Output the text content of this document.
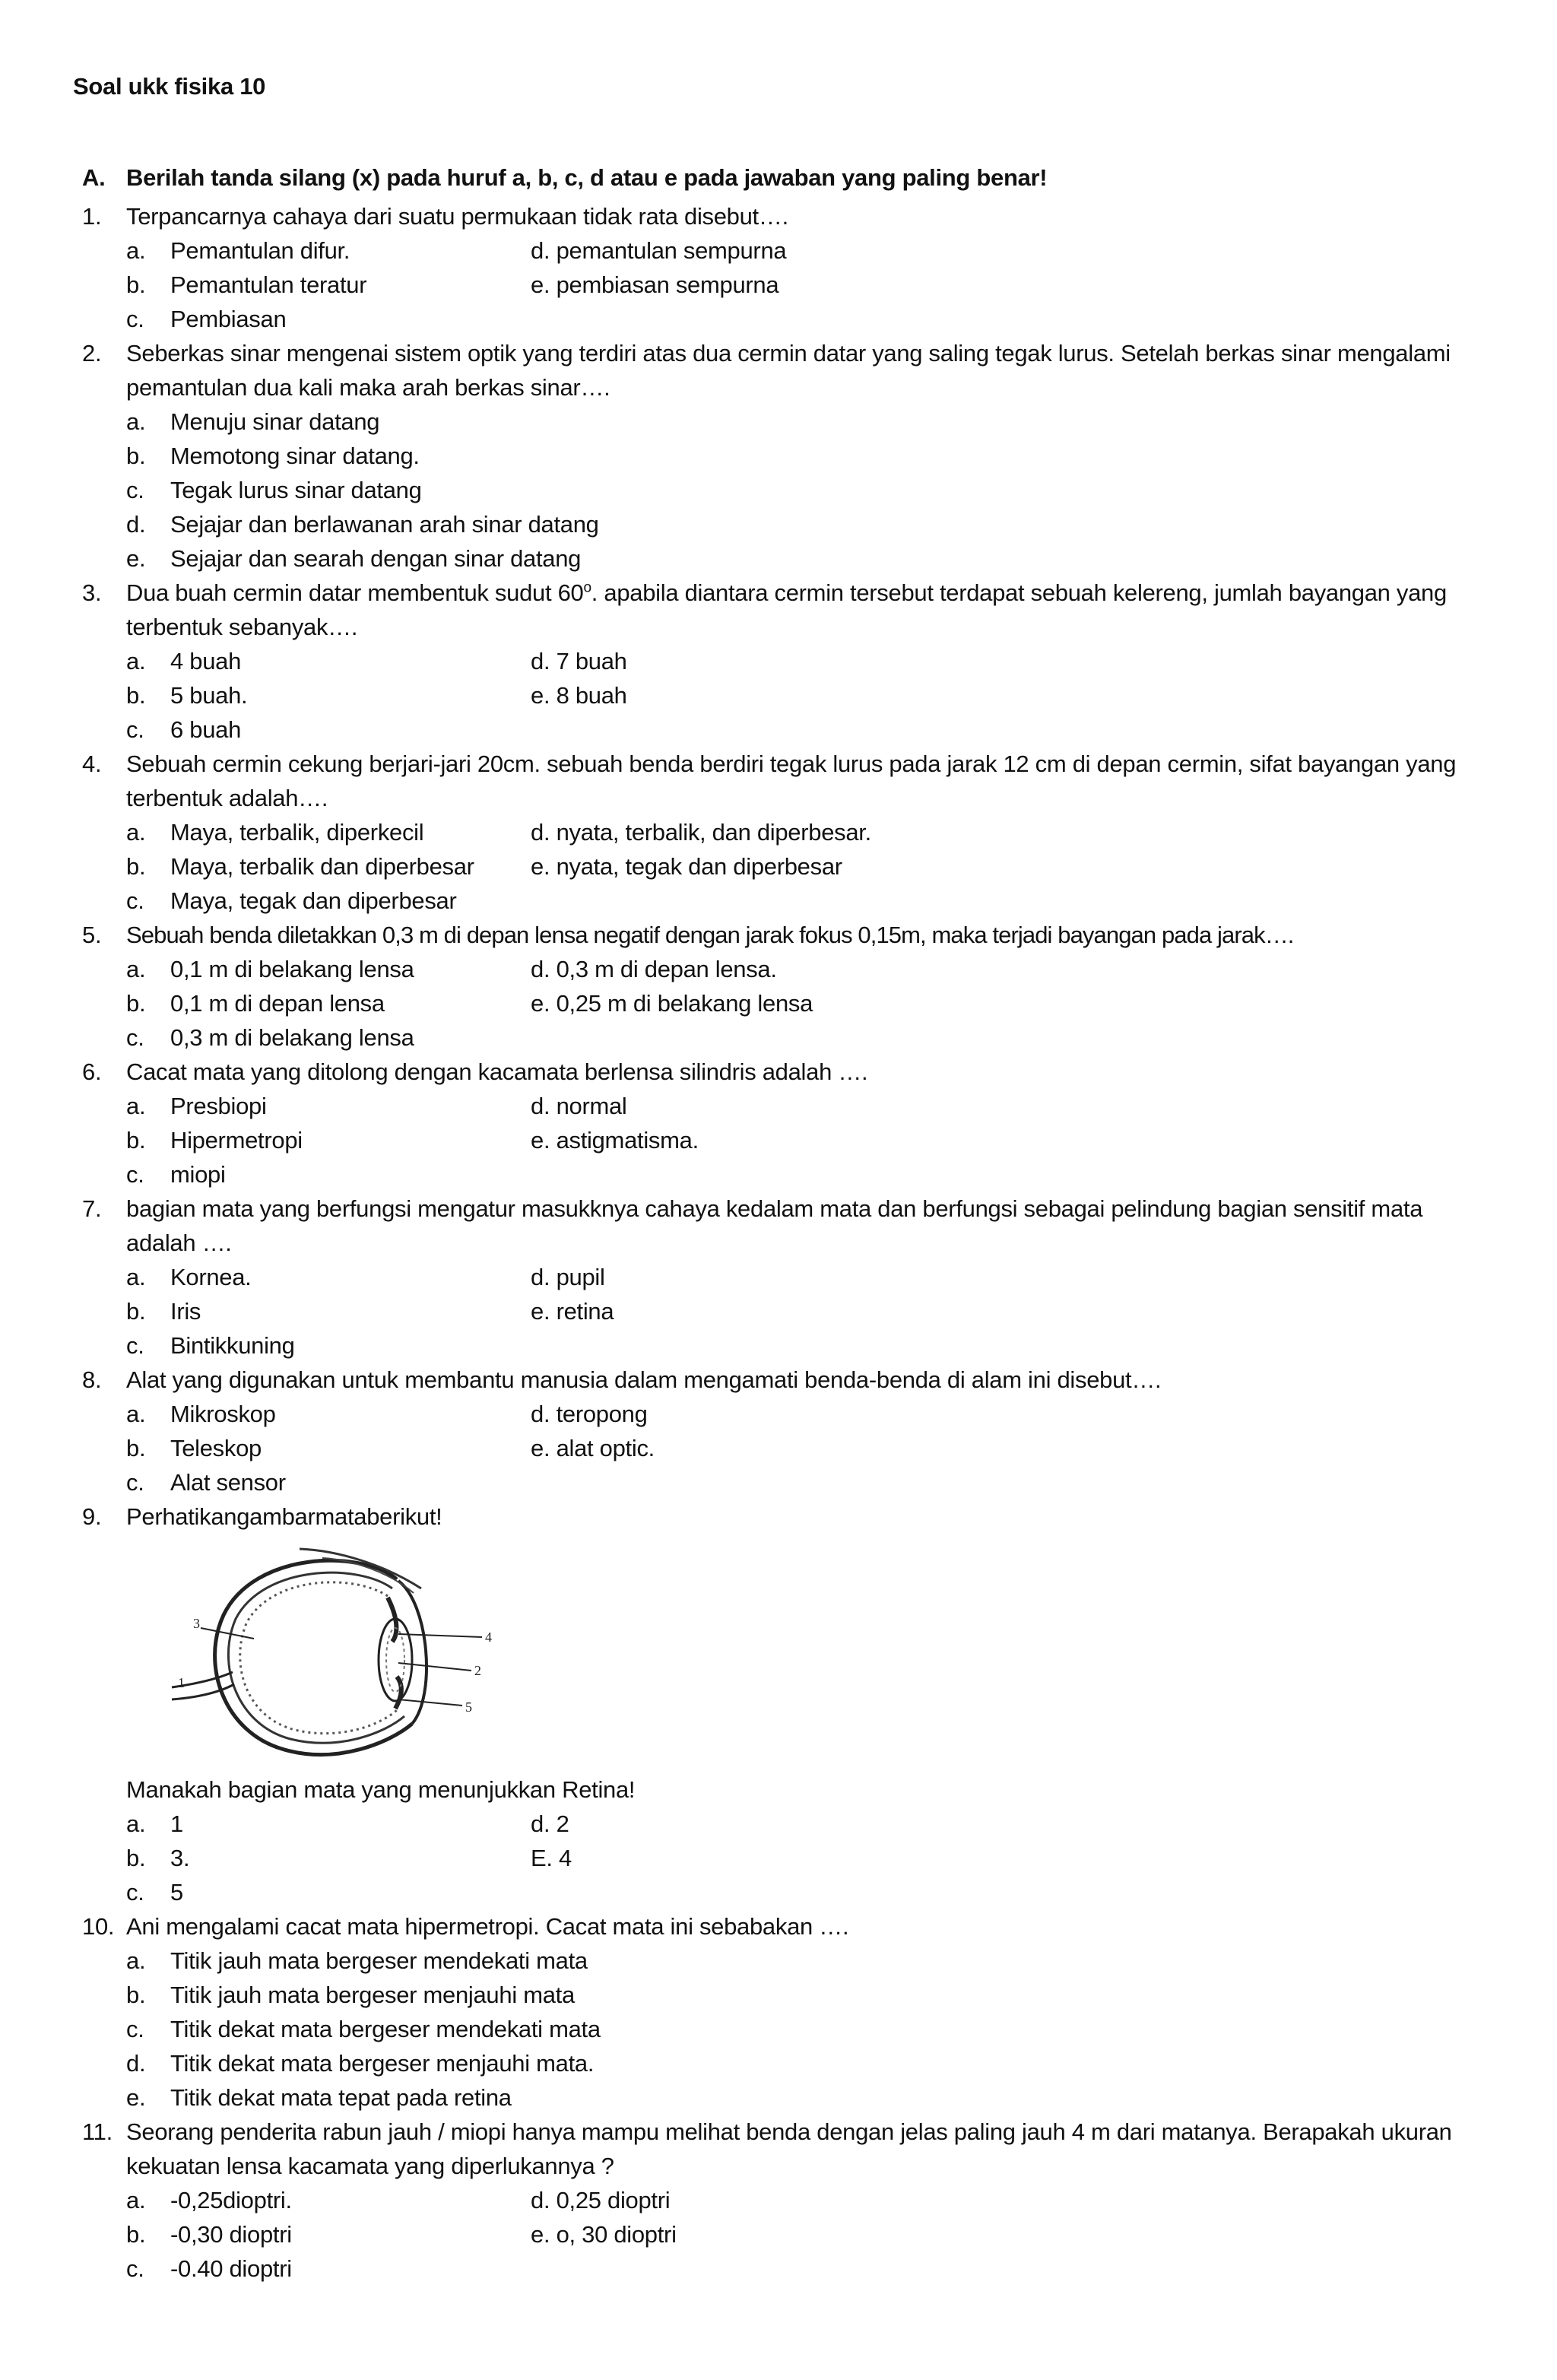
Soal ukk fisika 10
A. Berilah tanda silang (x) pada huruf a, b, c, d atau e pada jawaban yang paling benar!
1.	Terpancarnya cahaya dari suatu permukaan tidak rata disebut….
a.	Pemantulan difur.	d. pemantulan sempurna
b.	Pemantulan teratur	e. pembiasan sempurna
c.	Pembiasan
2.	Seberkas sinar mengenai sistem optik yang terdiri atas dua cermin datar yang saling tegak lurus. Setelah berkas sinar mengalami pemantulan dua kali maka arah berkas sinar….
a.	Menuju sinar datang
b.	Memotong sinar datang.
c.	Tegak lurus sinar datang
d.	Sejajar dan berlawanan arah sinar datang
e.	Sejajar dan searah dengan sinar datang
3.	Dua buah cermin datar membentuk sudut 60$^o$. apabila diantara cermin tersebut terdapat sebuah kelereng, jumlah bayangan yang terbentuk sebanyak….
a.	4 buah	d. 7 buah
b.	5 buah.	e. 8 buah
c.	6 buah
4.	Sebuah cermin cekung berjari-jari 20cm. sebuah benda berdiri tegak lurus pada jarak 12 cm di depan cermin, sifat bayangan yang terbentuk adalah….
a.	Maya, terbalik, diperkecil	d. nyata, terbalik, dan diperbesar.
b.	Maya, terbalik dan diperbesar e. nyata, tegak dan diperbesar
c.	Maya, tegak dan diperbesar
5.	Sebuah benda diletakkan 0,3 m di depan lensa negatif dengan jarak fokus 0,15m, maka terjadi bayangan pada jarak….
a.	0,1 m di belakang lensa	d. 0,3 m di depan lensa.
b.	0,1 m di depan lensa	e. 0,25 m di belakang lensa
c.	0,3 m di belakang lensa
6.	Cacat mata yang ditolong dengan kacamata berlensa silindris adalah ….
a.	Presbiopi	d. normal
b.	Hipermetropi	e. astigmatisma.
c.	miopi
7.	bagian mata yang berfungsi mengatur masukknya cahaya kedalam mata dan berfungsi sebagai pelindung bagian sensitif mata adalah ….
a.	Kornea.	d. pupil
b.	Iris	e. retina
c.	Bintikkuning
8.	Alat yang digunakan untuk membantu manusia dalam mengamati benda-benda di alam ini disebut….
a.	Mikroskop	d. teropong
b.	Teleskop	e. alat optic.
c.	Alat sensor
9.	Perhatikangambarmataberikut!
3
1
4
2
5
Manakah bagian mata yang menunjukkan Retina!
a.	1	d. 2
b.	3.	E. 4
c.	5
10. Ani mengalami cacat mata hipermetropi. Cacat mata ini sebabakan ….
a.	Titik jauh mata bergeser mendekati mata
b.	Titik jauh mata bergeser menjauhi mata
c.	Titik dekat mata bergeser mendekati mata
d.	Titik dekat mata bergeser menjauhi mata.
e.	Titik dekat mata tepat pada retina
11. Seorang penderita rabun jauh / miopi hanya mampu melihat benda dengan jelas paling jauh 4 m dari matanya. Berapakah ukuran kekuatan lensa kacamata yang diperlukannya ?
a.	-0,25dioptri.	d. 0,25 dioptri
b.	-0,30 dioptri	e. o, 30 dioptri
c.	-0.40 dioptri
